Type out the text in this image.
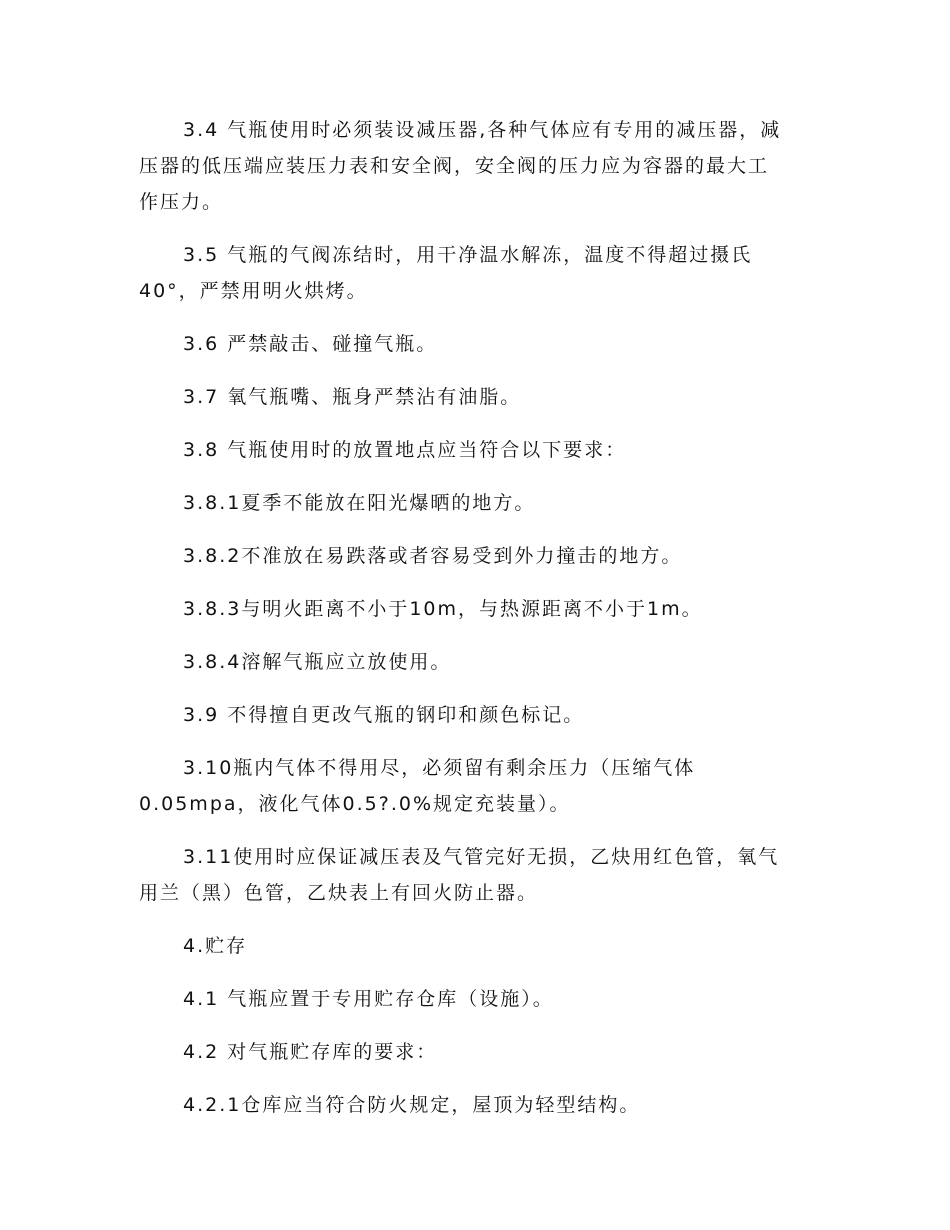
3.4 气瓶使用时必须装设减压器,各种气体应有专用的减压器，减
压器的低压端应装压力表和安全阀，安全阀的压力应为容器的最大工
作压力。

3.5 气瓶的气阀冻结时，用干净温水解冻，温度不得超过摄氏
40°，严禁用明火烘烤。

3.6 严禁敲击、碰撞气瓶。

3.7 氧气瓶嘴、瓶身严禁沾有油脂。

3.8 气瓶使用时的放置地点应当符合以下要求：

3.8.1夏季不能放在阳光爆晒的地方。

3.8.2不准放在易跌落或者容易受到外力撞击的地方。

3.8.3与明火距离不小于10m，与热源距离不小于1m。

3.8.4溶解气瓶应立放使用。

3.9 不得擅自更改气瓶的钢印和颜色标记。

3.10瓶内气体不得用尽，必须留有剩余压力（压缩气体
0.05mpa，液化气体0.5?.0%规定充装量）。

3.11使用时应保证减压表及气管完好无损，乙炔用红色管，氧气
用兰（黑）色管，乙炔表上有回火防止器。

4.贮存

4.1 气瓶应置于专用贮存仓库（设施）。

4.2 对气瓶贮存库的要求：

4.2.1仓库应当符合防火规定，屋顶为轻型结构。
